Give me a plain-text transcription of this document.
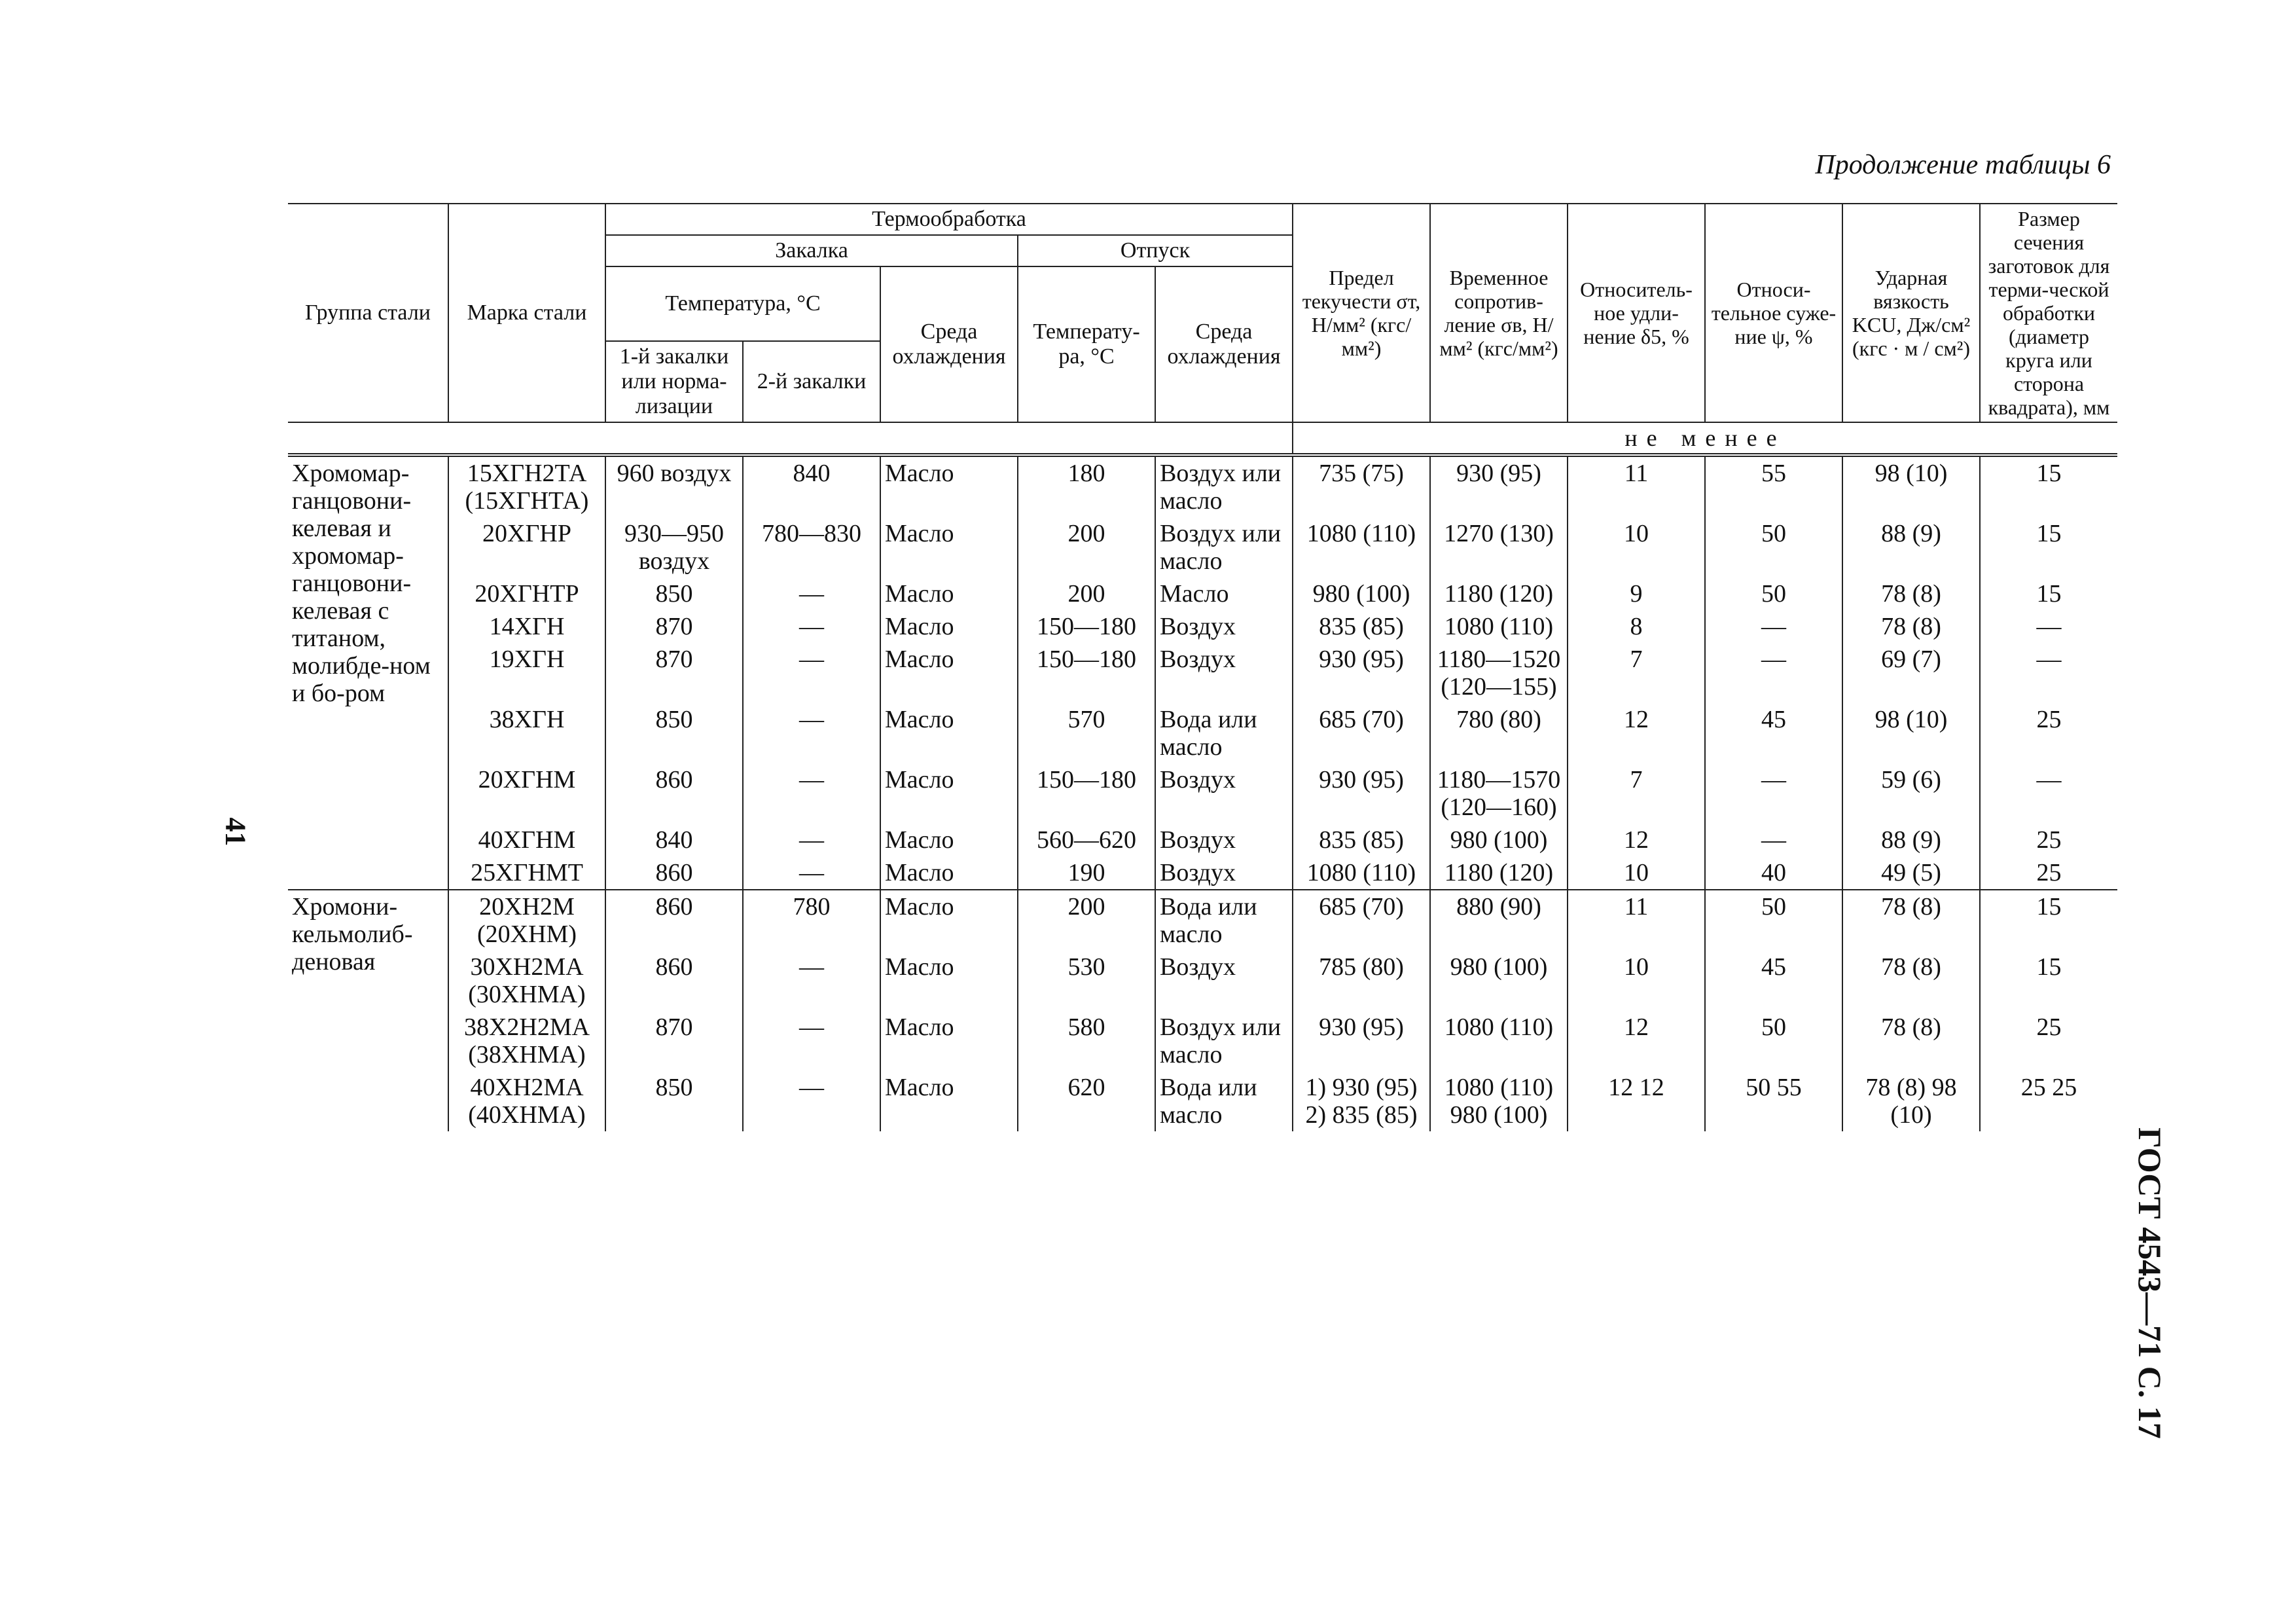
Продолжение таблицы 6
41
ГОСТ 4543—71 С. 17
Группа стали	Марка стали	Термообработка					Предел текучести σт, Н/мм² (кгс/мм²)	Временное сопротив-ление σв, Н/мм² (кгс/мм²)	Относитель-ное удли-нение δ5, %	Относи-тельное суже-ние ψ, %	Ударная вязкость KCU, Дж/см² (кгс · м / см²)	Размер сечения заготовок для терми-ческой обработки (диаметр круга или сторона квадрата), мм
		Закалка			Отпуск							
		Температура, °С		Среда охлаждения	Температу-ра, °С	Среда охлаждения						
		1-й закалки или норма-лизации	2-й закалки									
							не менее					
Хромомар-ганцовони-келевая и хромомар-ганцовони-келевая с титаном, молибде-ном и бо-ром	15ХГН2ТА (15ХГНТА)	960 воздух	840	Масло	180	Воздух или масло	735 (75)	930 (95)	11	55	98 (10)	15
	20ХГНР	930—950 воздух	780—830	Масло	200	Воздух или масло	1080 (110)	1270 (130)	10	50	88 (9)	15
	20ХГНТР	850	—	Масло	200	Масло	980 (100)	1180 (120)	9	50	78 (8)	15
	14ХГН	870	—	Масло	150—180	Воздух	835 (85)	1080 (110)	8	—	78 (8)	—
	19ХГН	870	—	Масло	150—180	Воздух	930 (95)	1180—1520 (120—155)	7	—	69 (7)	—
	38ХГН	850	—	Масло	570	Вода или масло	685 (70)	780 (80)	12	45	98 (10)	25
	20ХГНМ	860	—	Масло	150—180	Воздух	930 (95)	1180—1570 (120—160)	7	—	59 (6)	—
	40ХГНМ	840	—	Масло	560—620	Воздух	835 (85)	980 (100)	12	—	88 (9)	25
	25ХГНМТ	860	—	Масло	190	Воздух	1080 (110)	1180 (120)	10	40	49 (5)	25
Хромони-кельмолиб-деновая	20ХН2М (20ХНМ)	860	780	Масло	200	Вода или масло	685 (70)	880 (90)	11	50	78 (8)	15
	30ХН2МА (30ХНМА)	860	—	Масло	530	Воздух	785 (80)	980 (100)	10	45	78 (8)	15
	38Х2Н2МА (38ХНМА)	870	—	Масло	580	Воздух или масло	930 (95)	1080 (110)	12	50	78 (8)	25
	40ХН2МА (40ХНМА)	850	—	Масло	620	Вода или масло	1) 930 (95) 2) 835 (85)	1080 (110) 980 (100)	12 12	50 55	78 (8) 98 (10)	25 25
